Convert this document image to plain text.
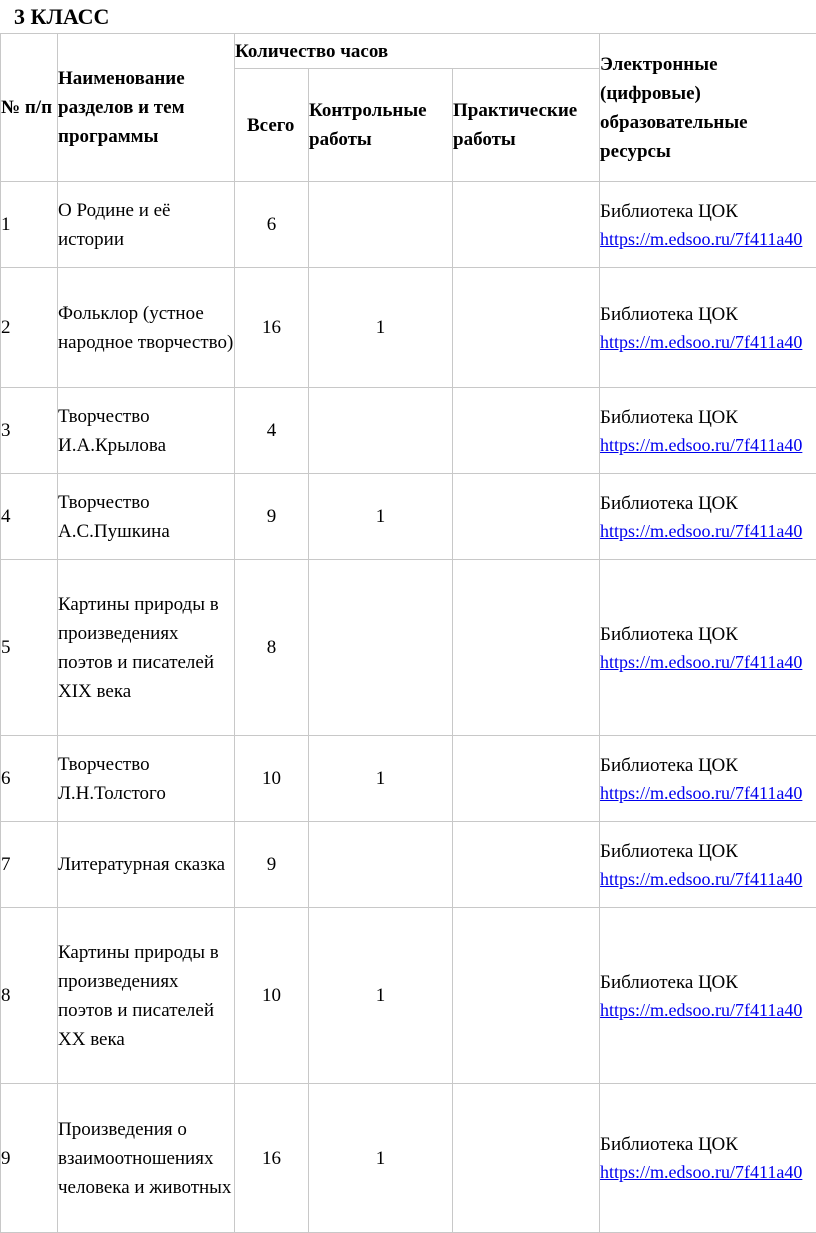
3 КЛАСС
№ п/п	Наименование разделов и тем программы	Количество часов			Электронные (цифровые) образовательные ресурсы
		Всего	Контрольные работы	Практические работы	
1	О Родине и её истории	6			Библиотека ЦОК
https://m.edsoo.ru/7f411a40

2	Фольклор (устное народное творчество)	16	1		Библиотека ЦОК
https://m.edsoo.ru/7f411a40

3	Творчество И.А.Крылова	4			Библиотека ЦОК
https://m.edsoo.ru/7f411a40

4	Творчество А.С.Пушкина	9	1		Библиотека ЦОК
https://m.edsoo.ru/7f411a40

5	Картины природы в произведениях поэтов и писателей XIX века	8			Библиотека ЦОК
https://m.edsoo.ru/7f411a40

6	Творчество Л.Н.Толстого	10	1		Библиотека ЦОК
https://m.edsoo.ru/7f411a40

7	Литературная сказка	9			Библиотека ЦОК
https://m.edsoo.ru/7f411a40

8	Картины природы в произведениях поэтов и писателей ХХ века	10	1		Библиотека ЦОК
https://m.edsoo.ru/7f411a40

9	Произведения о взаимоотношениях человека и животных	16	1		Библиотека ЦОК
https://m.edsoo.ru/7f411a40
